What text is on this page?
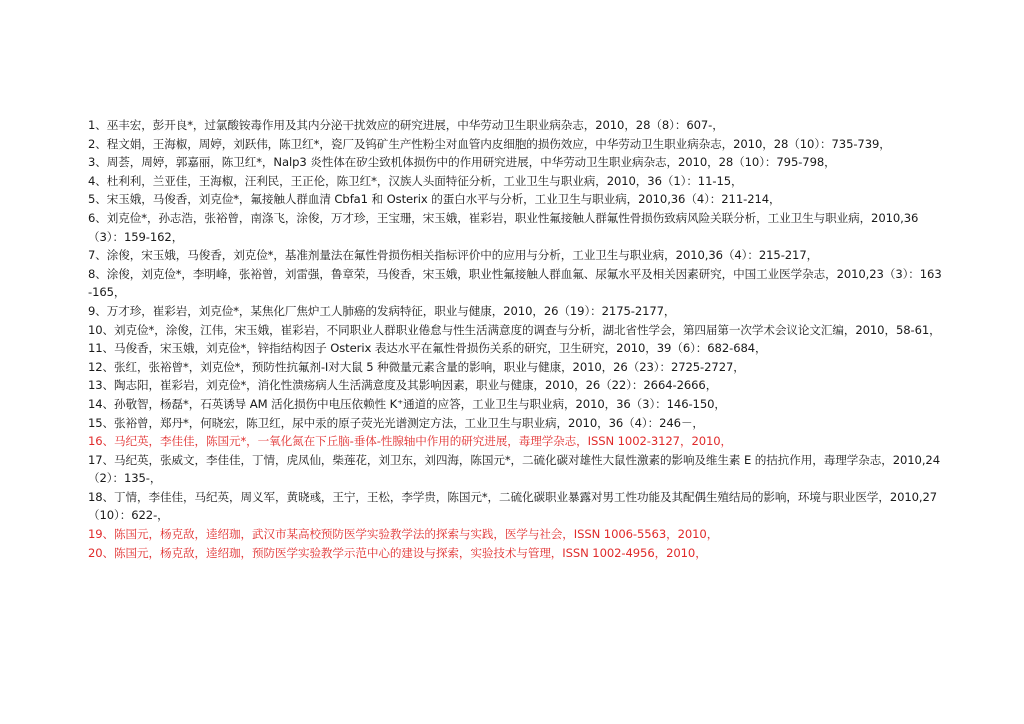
1、巫丰宏，彭开良*，过氯酸铵毒作用及其内分泌干扰效应的研究进展，中华劳动卫生职业病杂志，2010，28（8）：607-，
2、程文娟，王海椒，周婷，刘跃伟，陈卫红*，瓷厂及钨矿生产性粉尘对血管内皮细胞的损伤效应，中华劳动卫生职业病杂志，2010，28（10）：735-739，
3、周荟，周婷，郭嘉丽，陈卫红*，Nalp3 炎性体在矽尘致机体损伤中的作用研究进展，中华劳动卫生职业病杂志，2010，28（10）：795-798，
4、杜利利，兰亚佳，王海椒，汪利民，王正伦，陈卫红*，汉族人头面特征分析，工业卫生与职业病，2010，36（1）：11-15，
5、宋玉娥，马俊香，刘克俭*，氟接触人群血清 Cbfa1 和 Osterix 的蛋白水平与分析，工业卫生与职业病，2010,36（4）：211-214，
6、刘克俭*，孙志浩，张裕曾，南涤飞，涂俊，万才珍，王宝珊，宋玉娥，崔彩岩，职业性氟接触人群氟性骨损伤致病风险关联分析，工业卫生与职业病，2010,36（3）：159-162，
7、涂俊，宋玉娥，马俊香，刘克俭*，基准剂量法在氟性骨损伤相关指标评价中的应用与分析，工业卫生与职业病，2010,36（4）：215-217，
8、涂俊，刘克俭*，李明峰，张裕曾，刘雷强，鲁章荣，马俊香，宋玉娥，职业性氟接触人群血氟、尿氟水平及相关因素研究，中国工业医学杂志，2010,23（3）：163-165，
9、万才珍，崔彩岩，刘克俭*，某焦化厂焦炉工人肺癌的发病特征，职业与健康，2010，26（19）：2175-2177，
10、刘克俭*，涂俊，江伟，宋玉娥，崔彩岩，不同职业人群职业倦怠与性生活满意度的调查与分析，湖北省性学会，第四届第一次学术会议论文汇编，2010，58-61，
11、马俊香，宋玉娥，刘克俭*，锌指结构因子 Osterix 表达水平在氟性骨损伤关系的研究，卫生研究，2010，39（6）：682-684，
12、张红，张裕曾*，刘克俭*，预防性抗氟剂-Ⅰ对大鼠 5 种微量元素含量的影响，职业与健康，2010，26（23）：2725-2727，
13、陶志阳，崔彩岩，刘克俭*，消化性溃疡病人生活满意度及其影响因素，职业与健康，2010，26（22）：2664-2666，
14、孙敬智，杨磊*，石英诱导 AM 活化损伤中电压依赖性 K⁺通道的应答，工业卫生与职业病，2010，36（3）：146-150，
15、张裕曾，郑丹*，何晓宏，陈卫红，尿中汞的原子荧光光谱测定方法，工业卫生与职业病，2010，36（4）：246－，
16、马纪英，李佳佳，陈国元*，一氧化氮在下丘脑-垂体-性腺轴中作用的研究进展，毒理学杂志，ISSN 1002-3127，2010，
17、马纪英，张威文，李佳佳，丁情，虎凤仙，柴莲花，刘卫东，刘四海，陈国元*，二硫化碳对雄性大鼠性激素的影响及维生素 E 的拮抗作用，毒理学杂志，2010,24（2）：135-，
18、丁情，李佳佳，马纪英，周义军，黄晓彧，王宁，王松，李学贵，陈国元*，二硫化碳职业暴露对男工性功能及其配偶生殖结局的影响，环境与职业医学，2010,27（10）：622-，
19、陈国元，杨克敌，逵绍珈，武汉市某高校预防医学实验教学法的探索与实践，医学与社会，ISSN 1006-5563，2010，
20、陈国元，杨克敌，逵绍珈，预防医学实验教学示范中心的建设与探索，实验技术与管理，ISSN 1002-4956，2010，
